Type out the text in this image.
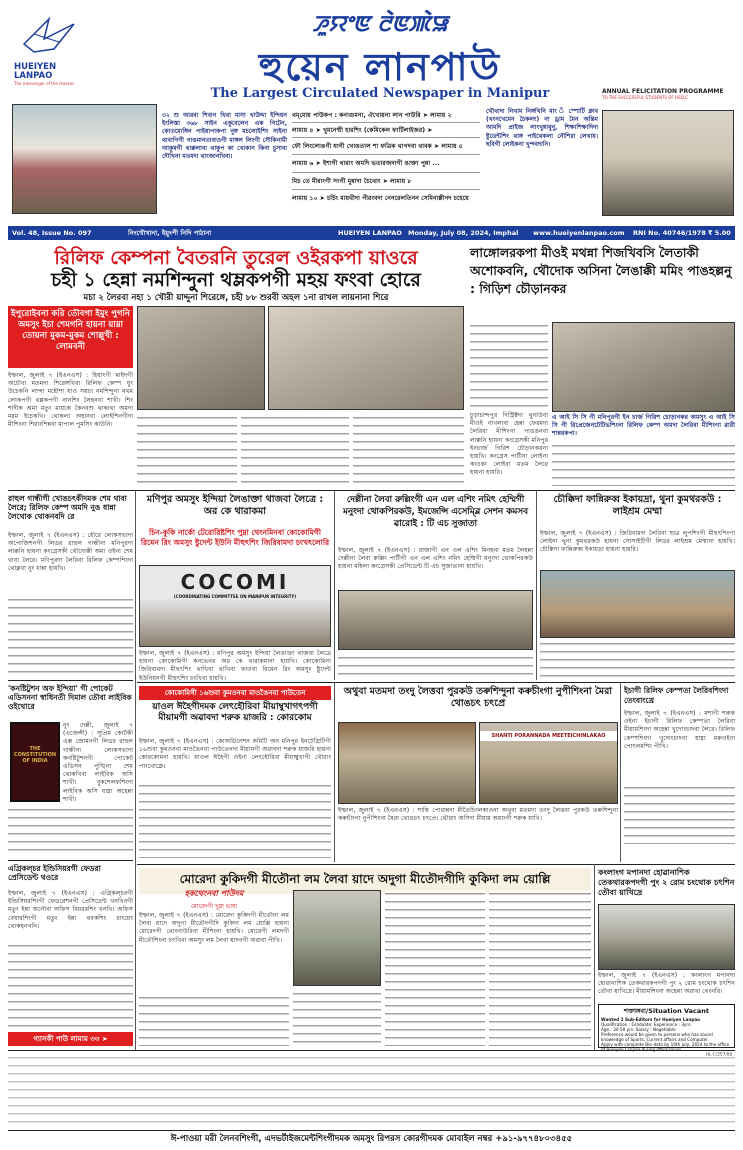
HUEIYEN LANPAO
The messenger of the masses
ꯍꯨꯌꯦꯟ ꯂꯥꯟꯄꯥꯎ
হুয়েন লানপাউ
The Largest Circulated Newspaper in Manipur	ANNUAL FELICITATION PROGRAMME
TO THE SUCCESSFUL STUDENTS OF HSSLC
৩২ শু আরবা শিবান খিবা মাসা খাউদ্দা ইন্দিয়ন ইংলিস্তা ৩৬৮ সাইন একুবেলেন এক গিটেন, কোতমোঙ্গিন পাইন্নাপাকপা নুঙ্গ মচলোইশিং সাইনা থাবাগিগী গাঙমানতাবাওগী মাঙ্গল লিংগী সৌকিনামী আকুমগী থাক্কলাবা থাকুপ কা খোকান কিনা চুসাবা দৌখিনা মতমদা থাংজানখিবা।
থম্‌মোয় পাউকপ : কনাগুমনা, ঐখোয়না লান পাউরি ➤ লামায় ২
লামায় ৪ ➤ খুমনেম্মী হারশিং (কেমিকেল ফার্টিলাইজর) ➤
ফৌ লিংলোঙগী যাগী খোঙতাল শা ফত্রিক থাগদবা থাবক ➤ লামায় ৫
লামায় ৬ ➤ ইশাগী থারাং অমদি ভতারজদাগী ঙাক্তা পুন্না ...
মিচ তে মীরাংগী সংগী মুন্নাদা চৈথোং ➤ লামায় ৮
লামায় ১০ ➤ চর্চিং মায়থীদা পীরংবদা নেনরেলতিনন সেমিনাল্লীনদ চহেয়ে
খৌথাদা নিখাম নিঙ্গখিনি মাং ঁ স্পোর্টি ক্লাব (খংনখেমেন চৈকলং) না ড্রাম মৈন অন্তিম আমদি প্রাইজ লাংখুন্নাবুনু, শিক্ষাশিক্ষাদিদা ষ্টুডেন্টশিং থাঙ্গ পাইথেকলা নৌশিরা লেখায়। ছবিগী লোইকনা খুন্দবদানি।
Vol. 48, Issue No. 097	নিংথৌখানা, ইয়ুংপী নিদি পাঠানা	HUEIYEN LANPAO Monday, July 08, 2024, Imphal www.hueiyenlanpao.com RNI No. 40746/1978 ₹ 5.00
রিলিফ কেম্পনা বৈতরনি তুরেল ওইরকপা য়াওরে
চহী ১ হেন্না নমশিন্দুনা থম্লকপগী মহয় ফংবা হোরে
মচা ২ লৈরবা নহা ১ খৌরী য়াদ্দুনা শিরেঙ্গে, চহী ৮৮ শুরবী অহল ১না রাখল লায়নানা শিরে
ইপুরোইবনা করি তৌবগা ইমুং পুগনি অমসুং ইচা শেমগনি হায়না য়াম্না তোয়না মুকম-মুকম শোল্লুখী : লোমবনী
ইম্ফাল, জুলাই ৭ (ইএনএস) : হিয়াংগী খ্বাইদগী অচৌবা মতমদা শিরেঙ্গখিবা রিলিফ কেম্প যুং উচেকনি লান্দা মহৌশা যাও সয়চা নমশিন্দুনা মথম লোকপগী থম্লকপগী নানশিং লৈহনবা শাখী। শিং শাদীক অমা মতুং মায়কে কৈনবশু থাকাথা অমদা মরম ইচেকখি। থোকলা অহানবা লোইশিনগীদা মীশিংনা শিরাংশিন্নবা মাপাল পুমসিং কাউনি।
লাঙ্গোলরকপা মীওই মথন্না শিজখিবসি লৈতাকী অশোকবনি, থৌদোক অসিনা লৈঙাক্কী মমিং পাঙহল্লনু : গিড়িশ চৌড়ানকর
এ আই সি সি গী মনিপুরগী ইন চার্জ গিরিশ চোড়ানকর অমসুং এ আই সি সি গী রিপ্রেজেনটেটিভশিংনা রিলিফ কেম্প অমদা লৈরিবা মীশিংগা ৱারী শান্নরকপা।
চুড়াচান্দপুর দিস্ট্রিক্টদা থুনাউবা মীওই নাখলাবা হেন্না ফেরমদা লৈরিবা মীশিংগা পাঙঙনবা লাক্কনি হায়না কংগ্রেসকী মনিপুর ইনচার্জ গিরিশ চৌড়ানকরনা হায়খি। কংগ্রেস পার্টীনা লোইনা কাওকা লোইবা মতম লৈরে হায়না হায়রি।
রাহুল গান্ধীগী খোঙচৎকীদমক শেম থাবা লৈরে; রিলিফ কেম্প অমদি নুঙ ধান্না লৈথোক থোকনবদি রে
ইম্ফাল, জুলাই ৭ (ইএনএস) : হৌরে লোকসভাদা অপোজিশনগী লিডর রাহুল গান্ধীনা মনিপুরদা লাক্কনি হায়না কংগ্রেসকী থৌদোক্কী অমা ওইনা শেম থাবা লৈরে। মণিপুরদা লৈরিবা রিলিফ কেম্পশিংদা থোক্নবা নুং ধান্না হায়খি।
'কনষ্টিটুশন অফ ইন্দিয়া' গী পোকেট এডিসননা স্বাধিনতী দিমাল তৌবা লাইবিক ওইথোরে
THE CONSTITUTION OF INDIA
নুং দেল্লী, জুলাই ৭ (এজেন্সী) : সুপ্রিম কোর্টকী এক্স জোমনগী লিডর রাহুল গান্ধীনা লোকসভাদা কনষ্টিটুশনগী পোকেট এডিসন পুঙ্খিনা শেম থোকখিবা লাইবিক অসি শাখী। বুকশেলফশিংদা লাইবিক অসি যাম্না অহেন্না শাখী।
এগ্রিকল্চর ইন্ডিসিয়রগী ফেডরা প্রেসিডেন্ট থওরে
ইম্ফাল, জুলাই ৭ (ইএনএস) : এগ্রিকল্চরগী ইন্ডিসিয়রশিংগী ফেডরেশনগী প্রেসিডেন্ট খনখিবগী মতুং ইন্না অনৌবা অফিস বিয়ররশিং খনখি। অফিস বেয়ারশিংগী মতুং ইন্না থবকশিং চাংয়েং থোকহনগনি।
গ্যাসকী পাউ লামায় ৩৩ ➤
মণিপুর অমসুং ইন্দিয়া লৈঙাক্তা থাজবা লৈত্রে : অর কে থারাকমা
চিন-কুকি নার্কো টেরোরিষ্টশিং পুম্না থেংনমিনবা কোকোমিগী রিমেন রিং অমসুং ষ্টুদেন্ট ইউনি মীহুৎশিং জিরিবামদা চংখৎলোরি
COCOMI
(COORDINATING COMMITTEE ON MANIPUR INTEGRITY)
ইম্ফাল, জুলাই ৭ (ইএনএস) : মণিপুর অমসুং ইন্দিয়া লৈঙাক্তা থাজবা লৈত্রে হায়না কোকোমিগী কনভেনর অর কে থারাকমানা হায়খি। কোকোমিনা জিরিবামদা মীহুৎশিং থাখিবা থাখিবা ফাওবা রিমেন রিং অমসুং ষ্টুদেন্ট ইউনিয়নগী মীহুৎশিং চংখিবা হায়খি।
দেল্লীনা লৈবা রুল্লিংগী এন এল এশিং নমিৎ হেম্মিগী মনুংদা থোকপিরকউ, ইমজেন্সি এসেম্ব্লি সেশন কমসব ৱারোই : টি এচ সুজাতা
ইম্ফাল, জুলাই ৭ (ইএনএস) : রাজ্যগী এন এল এশিং মিনহনা মতম লৈহন্না দেল্লীনা লৈবা রুল্লিং পার্টীগী এন এল এশিং নমিৎ হেম্মিগী মনুংদা থোকপিরকউ হায়না মহিলা কংগ্রেসকী প্রেসিডেন্ট টি এচ সুজাতানা হায়খি।
চৌক্কিদা ফান্নিরুব্ব ইকায়দ্রা, থুনা কুমথরকউ : লাইশ্রম মেম্মা
ইম্ফাল, জুলাই ৭ (ইএনএস) : জিরিবামদা লৈরিবা ছাত্র লুপশিংগী মীহুৎশিংগা লোইনা থুনা কুমথরকউ হায়না সোসাইটিগী লিডর লাইশ্রম মেম্মানা হায়খি। চৌক্কিদা ফান্নিরুব্ব ইকায়দ্রা হায়না হায়রি।
কোকোমিগী ১৬শুবা কুমওনবা মাওঙৈনবা পাউতেন
য়াওল ঈহৈগীদমক লেৎহৌরিবা মীয়াম্বুখাগৎপগী মীয়ামগী অৱাবদা শরুক য়াজরি : কোরকোম
ইম্ফাল, জুলাই ৭ (ইএনএস) : কোঅর্ডিনেশন কমিটি অন মনিপুর ইনটেগ্রিটিগী ১৬শুবা কুমওনবা মাওঙৈনবা পাউতেনদা মীয়ামগী অৱাবদা শরুক য়াজরি হায়না কোরকোমনা হায়খি। য়াওল ঈহৈগী ওইনা লেৎহৌরিবা মীয়াম্বুখাগী থৌরাং পাংথোক্লে।
অথুবা মতমদা তংদু লৈত্তবা পুরকউ তৰুশিন্দুনা কৰুচীংগা নুপীশিংনা মৈরা থোঙচৎ চৎপ্রে
SHANTI PORANNADA MEETEICHINLAKAO
ইম্ফাল, জুলাই ৭ (ইএনএস) : শান্তি পোরান্নদা মীতৈচিংলকাওনা অথুবা মতমদা তংদু লৈত্তবা পুরকউ তৰুশিন্দুনা কৰুচীংগা নুপীশিংনা মৈরা থোঙচৎ চৎপ্রে। থৌরাং অসিদা মীয়াম অমাংগী শরুক য়াখি।
ইচাগী রিলিফ কেম্পতা লৈরিবশিংদা তেংবাংখ্রে
ইম্ফাল, জুলাই ৭ (ইএনএস) : মশাগী শরুক ওইনা ইচাগী রিলিফ কেম্পতা লৈরিবা মীয়ামশিংদা অহেন্না খুদোংচাদবা লৈরে। রিলিফ কেম্পশিংদা খুদোংচাদবা য়াম্না মরুওইবা পোৎলমশিং পীখি।
মোরেদা কুকিদগী মীতৌনা লম লৈবা য়াদে অদুগা মীতৌদগীদি কুকিদা লম য়োল্লি
হকথেংনবা পাউদম
মোরেদগী খুম্না ভাষা
ইম্ফাল, জুলাই ৭ (ইএনএস) : মোরেদা কুকিদগী মীতৌনা লম লৈবা য়াদে অদুগা মীতৌদগীদি কুকিদা লম য়োল্লি হায়না মোরেদগী থোংনাউরিবা মীশিংনা হায়খি। মোরেগী লমদগী মীতৌশিংনা চৎখিবা অমসুং লম লৈবা য়াদবগী অৱাবা পীখি।
কংলাংগ মপানদা হোৱানাশিক তেকথারকপদগী পুং ২ রোম চংথোক চৎশিন তৌবা য়াখিদ্রে
ইম্ফাল, জুলাই ৭ (ইএনএস) : কংলাংগ মপানদা হোৱানাশিক তেকথারকপদগী পুং ২ রোম চংথোক চৎশিন তৌবা য়াখিদ্রে। মীয়ামশিংনা অহেন্না অৱাবা থেংনরি।
শক্তাঙ্গবা/Situation Vacant
Wanted 2 Sub-Editors for Hueiyen Lanpao
Qualification : Graduate; Experience : 3yrs.
Age : 30-50 yrs. Salary : Negotiable
Preference would be given to persons who has sound knowledge of Sports, Current affairs and Computer.
Apply with complete Bio-data by 10th July, 2024 to the office
HL-C/257/08
ঈ-পাওয়া মরী লৈনবশিংগী, এদভর্টাইজমেন্টশিংগীদমক অমসুং রিপরস কোরগীদমক মোবাইল নম্বর +৯১-৯৭৭৪৮০৩৪৫৫
